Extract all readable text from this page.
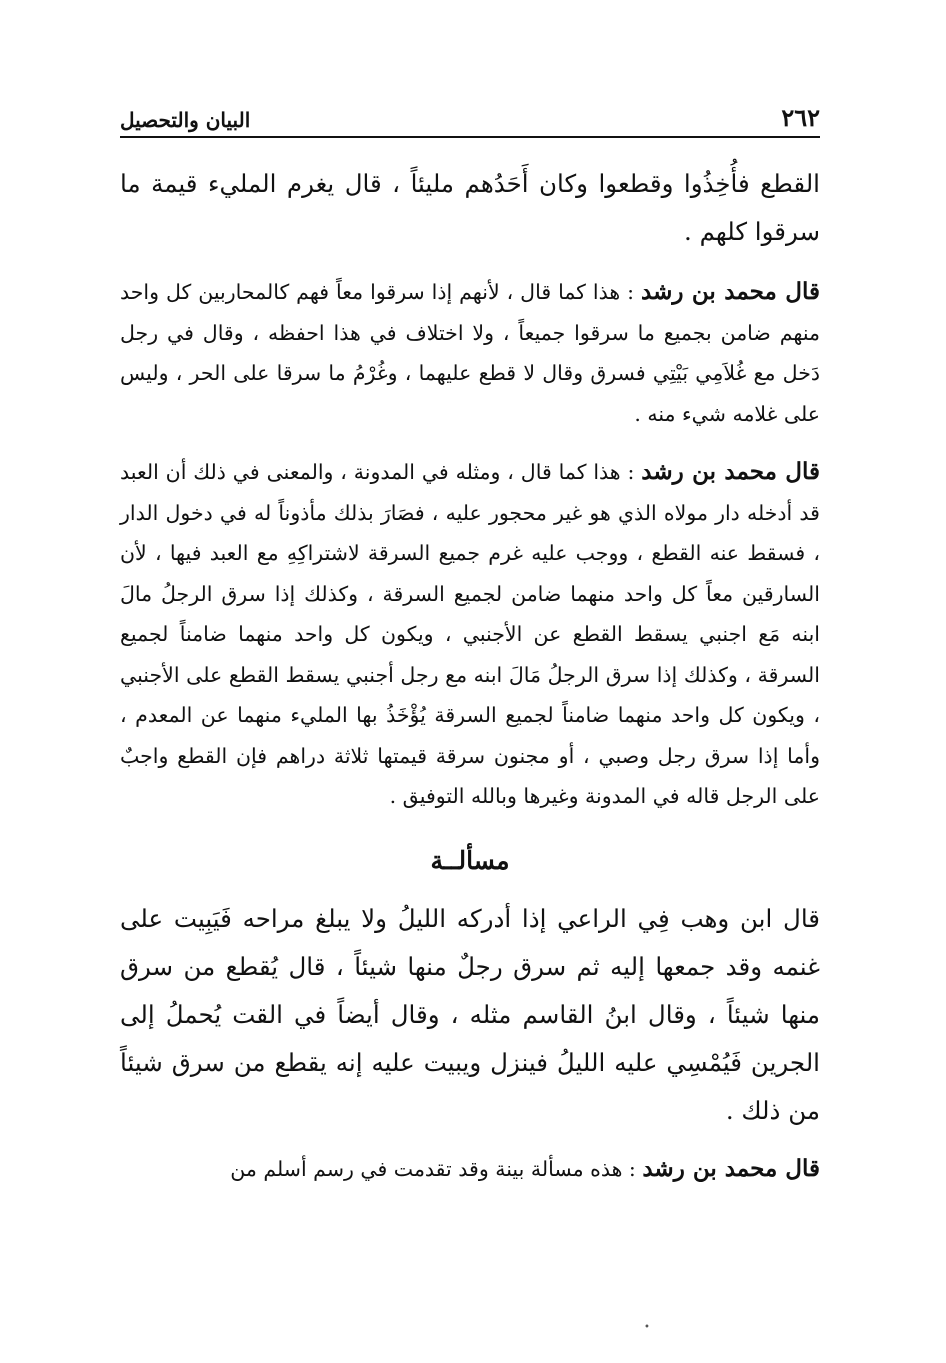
٢٦٢
البيان والتحصيل

القطع فأُخِذُوا وقطعوا وكان أَحَدُهم مليئاً ، قال يغرم المليء قيمة ما سرقوا كلهم .

قال محمد بن رشد : هذا كما قال ، لأنهم إذا سرقوا معاً فهم كالمحاربين كل واحد منهم ضامن بجميع ما سرقوا جميعاً ، ولا اختلاف في هذا احفظه ، وقال في رجل دَخل مع غُلاَمِي بَيْتِي فسرق وقال لا قطع عليهما ، وغُرْمُ ما سرقا على الحر ، وليس على غلامه شيء منه .

قال محمد بن رشد : هذا كما قال ، ومثله في المدونة ، والمعنى في ذلك أن العبد قد أدخله دار مولاه الذي هو غير محجور عليه ، فصَارَ بذلك مأذوناً له في دخول الدار ، فسقط عنه القطع ، ووجب عليه غرم جميع السرقة لاشتراكِهِ مع العبد فيها ، لأن السارقين معاً كل واحد منهما ضامن لجميع السرقة ، وكذلك إذا سرق الرجلُ مالَ ابنه مَع اجنبي يسقط القطع عن الأجنبي ، ويكون كل واحد منهما ضامناً لجميع السرقة ، وكذلك إذا سرق الرجلُ مَالَ ابنه مع رجل أجنبي يسقط القطع على الأجنبي ، ويكون كل واحد منهما ضامناً لجميع السرقة يُؤْخَذُ بها المليء منهما عن المعدم ، وأما إذا سرق رجل وصبي ، أو مجنون سرقة قيمتها ثلاثة دراهم فإن القطع واجبٌ على الرجل قاله في المدونة وغيرها وبالله التوفيق .

مسألــة

قال ابن وهب فِي الراعي إذا أدركه الليلُ ولا يبلغ مراحه فَيَبِيت على غنمه وقد جمعها إليه ثم سرق رجلٌ منها شيئاً ، قال يُقطع من سرق منها شيئاً ، وقال ابنُ القاسم مثله ، وقال أيضاً في القت يُحملُ إلى الجرين فَيُمْسِي عليه الليلُ فينزل ويبيت عليه إنه يقطع من سرق شيئاً من ذلك .

قال محمد بن رشد : هذه مسألة بينة وقد تقدمت في رسم أسلم من

•
